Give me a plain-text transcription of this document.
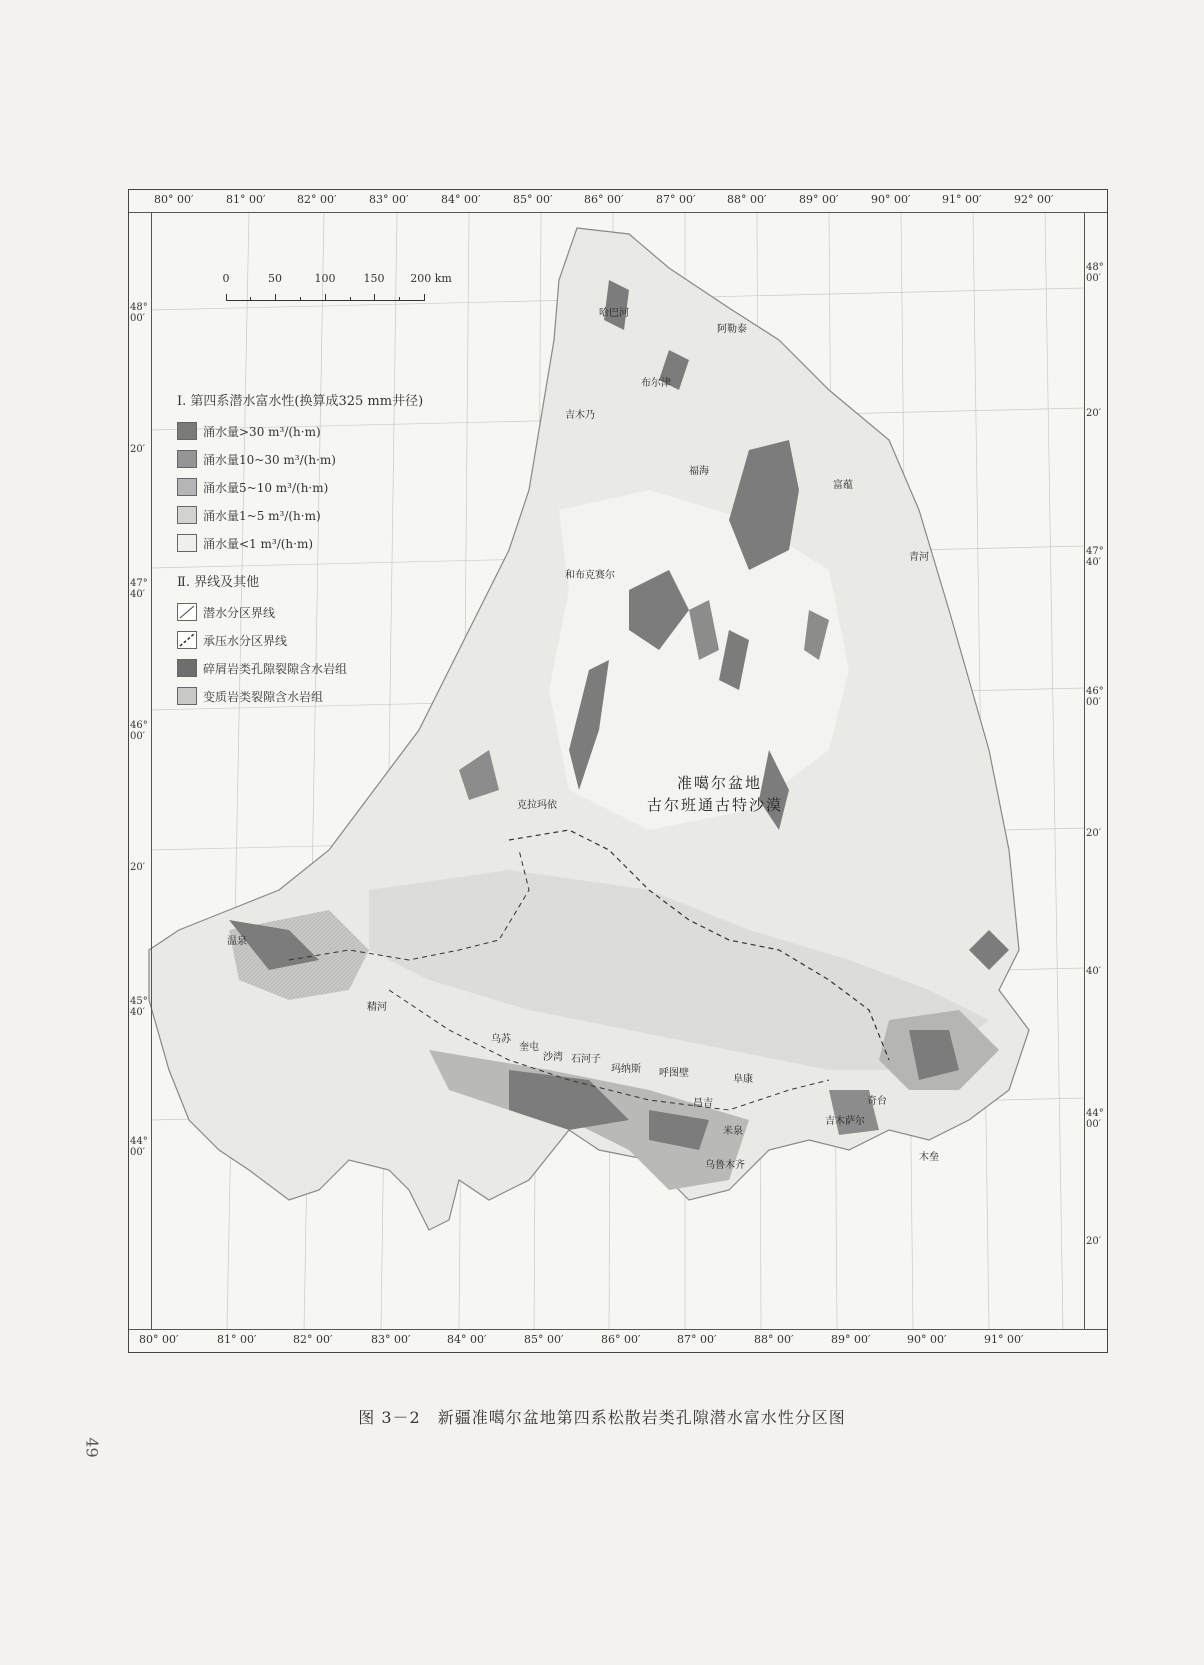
80° 00′	81° 00′	82° 00′	83° 00′	84° 00′	85° 00′	86° 00′	87° 00′	88° 00′	89° 00′	90° 00′	91° 00′	92° 00′
80° 00′	81° 00′	82° 00′	83° 00′	84° 00′	85° 00′	86° 00′	87° 00′	88° 00′	89° 00′	90° 00′	91° 00′
48°
00′
20′
47°
40′
46°
00′
20′
45°
40′
44°
00′
48°
00′
20′
47°
40′
46°
00′
20′
40′
44°
00′
20′
0	50	100	150 200 km
Ⅰ. 第四系潜水富水性(换算成325 mm井径)
涌水量>30 m³/(h·m)
涌水量10~30 m³/(h·m)
涌水量5~10 m³/(h·m)
涌水量1~5 m³/(h·m)
涌水量<1 m³/(h·m)
Ⅱ. 界线及其他
潜水分区界线
承压水分区界线
碎屑岩类孔隙裂隙含水岩组
变质岩类裂隙含水岩组
哈巴河
阿勒泰
布尔津
吉木乃
福海
富蕴
青河
和布克赛尔
克拉玛依
温泉
精河
乌苏
奎屯
沙湾 石河子
玛纳斯 呼图壁
昌吉
阜康
米泉
乌鲁木齐
奇台
吉木萨尔
木垒
准噶尔盆地
古尔班通古特沙漠
图 3－2　新疆准噶尔盆地第四系松散岩类孔隙潜水富水性分区图
49
